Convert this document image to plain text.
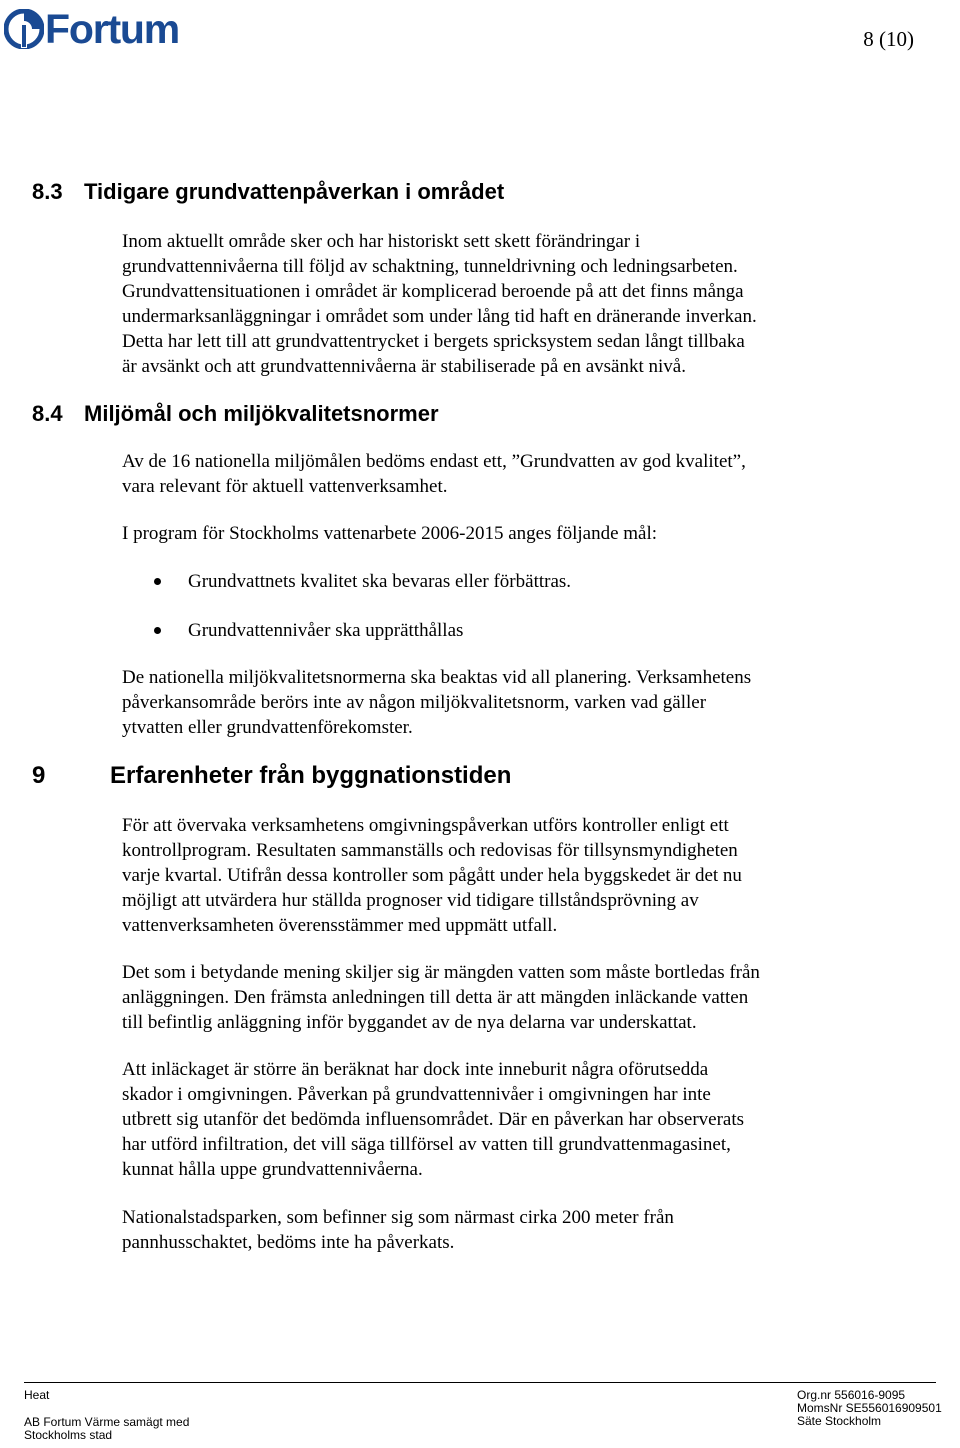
Fortum	8 (10)
8.3 Tidigare grundvattenpåverkan i området

Inom aktuellt område sker och har historiskt sett skett förändringar i

grundvattennivåerna till följd av schaktning, tunneldrivning och ledningsarbeten.

Grundvattensituationen i området är komplicerad beroende på att det finns många

undermarksanläggningar i området som under lång tid haft en dränerande inverkan.

Detta har lett till att grundvattentrycket i bergets spricksystem sedan långt tillbaka

är avsänkt och att grundvattennivåerna är stabiliserade på en avsänkt nivå.

8.4 Miljömål och miljökvalitetsnormer

Av de 16 nationella miljömålen bedöms endast ett, ”Grundvatten av god kvalitet”,

vara relevant för aktuell vattenverksamhet.

I program för Stockholms vattenarbete 2006-2015 anges följande mål:

Grundvattnets kvalitet ska bevaras eller förbättras.
Grundvattennivåer ska upprätthållas

De nationella miljökvalitetsnormerna ska beaktas vid all planering. Verksamhetens

påverkansområde berörs inte av någon miljökvalitetsnorm, varken vad gäller

ytvatten eller grundvattenförekomster.

9	Erfarenheter från byggnationstiden

För att övervaka verksamhetens omgivningspåverkan utförs kontroller enligt ett

kontrollprogram. Resultaten sammanställs och redovisas för tillsynsmyndigheten

varje kvartal. Utifrån dessa kontroller som pågått under hela byggskedet är det nu

möjligt att utvärdera hur ställda prognoser vid tidigare tillståndsprövning av

vattenverksamheten överensstämmer med uppmätt utfall.

Det som i betydande mening skiljer sig är mängden vatten som måste bortledas från

anläggningen. Den främsta anledningen till detta är att mängden inläckande vatten

till befintlig anläggning inför byggandet av de nya delarna var underskattat.

Att inläckaget är större än beräknat har dock inte inneburit några oförutsedda

skador i omgivningen. Påverkan på grundvattennivåer i omgivningen har inte

utbrett sig utanför det bedömda influensområdet. Där en påverkan har observerats

har utförd infiltration, det vill säga tillförsel av vatten till grundvattenmagasinet,

kunnat hålla uppe grundvattennivåerna.

Nationalstadsparken, som befinner sig som närmast cirka 200 meter från

pannhusschaktet, bedöms inte ha påverkats.

Heat
AB Fortum Värme samägt med
Stockholms stad
Org.nr 556016-9095
MomsNr SE556016909501
Säte Stockholm
